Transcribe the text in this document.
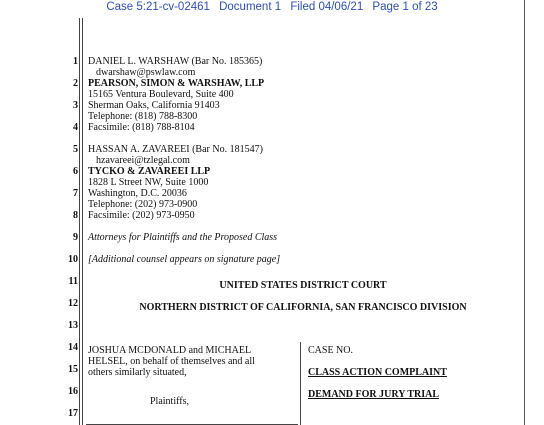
Case 5:21-cv-02461 Document 1 Filed 04/06/21 Page 1 of 23
1
2
3
4
5
6
7
8
9
10
11
12
13
14
15
16
17
DANIEL L. WARSHAW (Bar No. 185365)
dwarshaw@pswlaw.com
PEARSON, SIMON & WARSHAW, LLP
15165 Ventura Boulevard, Suite 400
Sherman Oaks, California 91403
Telephone: (818) 788-8300
Facsimile: (818) 788-8104
HASSAN A. ZAVAREEI (Bar No. 181547)
hzavareei@tzlegal.com
TYCKO & ZAVAREEI LLP
1828 L Street NW, Suite 1000
Washington, D.C. 20036
Telephone: (202) 973-0900
Facsimile: (202) 973-0950
Attorneys for Plaintiffs and the Proposed Class
[Additional counsel appears on signature page]
UNITED STATES DISTRICT COURT
NORTHERN DISTRICT OF CALIFORNIA, SAN FRANCISCO DIVISION
JOSHUA MCDONALD and MICHAEL
HELSEL, on behalf of themselves and all
others similarly situated,
Plaintiffs,
CASE NO.
CLASS ACTION COMPLAINT
DEMAND FOR JURY TRIAL
